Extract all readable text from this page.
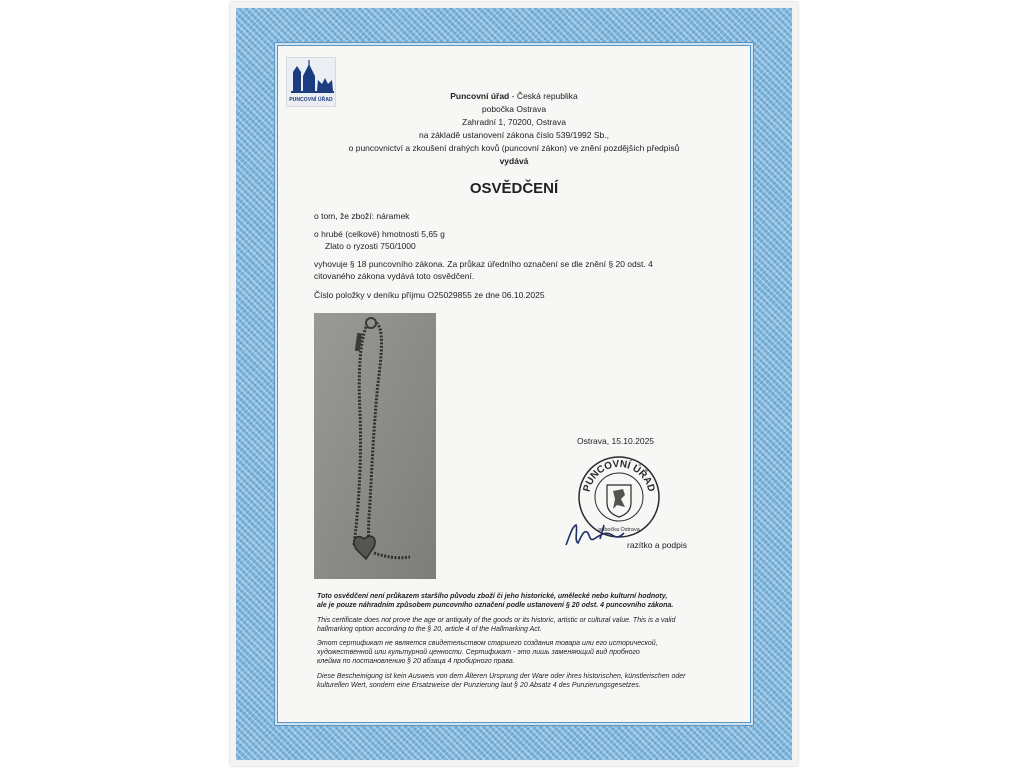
PUNCOVNÍ ÚŘAD	Puncovní úřad - Česká republika
pobočka Ostrava
Zahradní 1, 70200, Ostrava
na základě ustanovení zákona číslo 539/1992 Sb.,
o puncovnictví a zkoušení drahých kovů (puncovní zákon) ve znění pozdějších předpisů
vydává
OSVĚDČENÍ
o tom, že zboží: náramek
o hrubé (celkové) hmotnosti 5,65 g
Zlato o ryzosti 750/1000
vyhovuje § 18 puncovního zákona. Za průkaz úředního označení se dle znění § 20 odst. 4
citovaného zákona vydává toto osvědčení.
Číslo položky v deníku příjmu O25029855 ze dne 06.10.2025
Ostrava, 15.10.2025
PUNCOVNÍ ÚŘAD
pobočka Ostrava
razítko a podpis
Toto osvědčení není průkazem staršího původu zboží či jeho historické, umělecké nebo kulturní hodnoty,
ale je pouze náhradním způsobem puncovního označení podle ustanovení § 20 odst. 4 puncovního zákona.
This certificate does not prove the age or antiquity of the goods or its historic, artistic or cultural value. This is a valid
hallmarking option according to the § 20, article 4 of the Hallmarking Act.
Этот сертификат не является свидетельством старшего создания товара или его исторической,
художественной или культурной ценности. Сертификат - это лишь заменяющий вид пробного
клейма по постановлению § 20 абзаца 4 пробирного права.
Diese Bescheinigung ist kein Ausweis von dem Älteren Ursprung der Ware oder ihres historischen, künstlerischen oder
kulturellen Wert, sondern eine Ersatzweise der Punzierung laut § 20 Absatz 4 des Punzierungsgesetzes.
